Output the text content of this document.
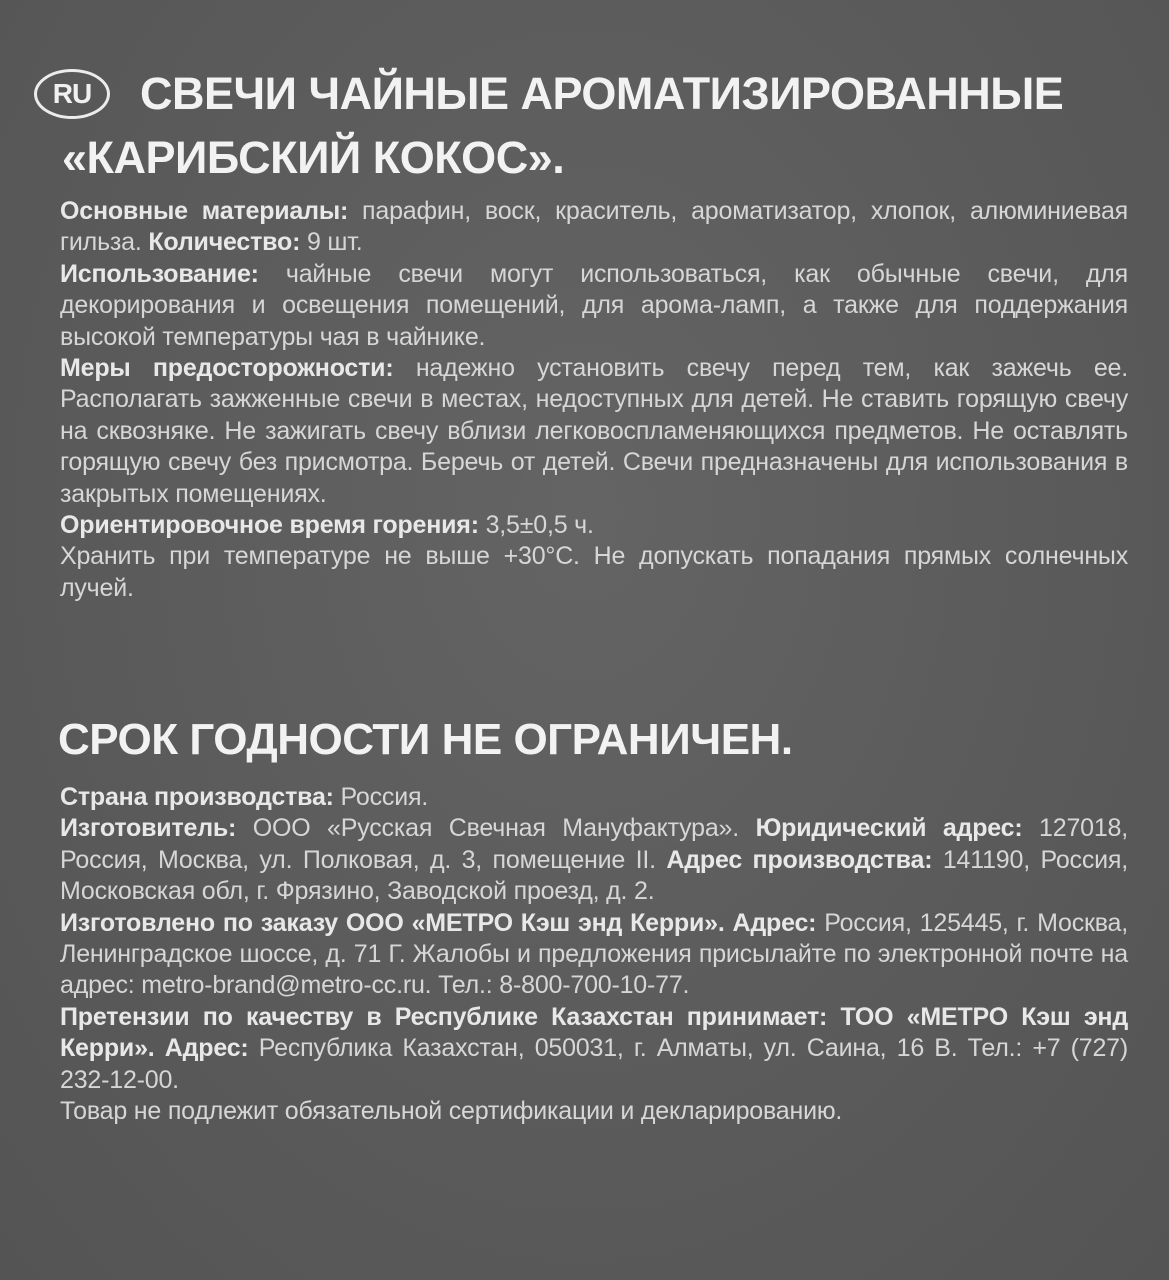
RU	СВЕЧИ ЧАЙНЫЕ АРОМАТИЗИРОВАННЫЕ
«КАРИБСКИЙ КОКОС».

Основные материалы: парафин, воск, краситель, ароматизатор, хлопок, алюминиевая гильза. Количество: 9 шт.

Использование: чайные свечи могут использоваться, как обычные свечи, для декорирования и освещения помещений, для арома-ламп, а также для поддержания высокой температуры чая в чайнике.

Меры предосторожности: надежно установить свечу перед тем, как зажечь ее. Располагать зажженные свечи в местах, недоступных для детей. Не ставить горящую свечу на сквозняке. Не зажигать свечу вблизи легковоспламеняющихся предметов. Не оставлять горящую свечу без присмотра. Беречь от детей. Свечи предназначены для использования в закрытых помещениях.

Ориентировочное время горения: 3,5±0,5 ч.

Хранить при температуре не выше +30°С. Не допускать попадания прямых солнечных лучей.

СРОК ГОДНОСТИ НЕ ОГРАНИЧЕН.

Страна производства: Россия.

Изготовитель: ООО «Русская Свечная Мануфактура». Юридический адрес: 127018, Россия, Москва, ул. Полковая, д. 3, помещение II. Адрес производства: 141190, Россия, Московская обл, г. Фрязино, Заводской проезд, д. 2.

Изготовлено по заказу ООО «МЕТРО Кэш энд Керри». Адрес: Россия, 125445, г. Москва, Ленинградское шоссе, д. 71 Г. Жалобы и предложения присылайте по электронной почте на адрес: metro-brand@metro-cc.ru. Тел.: 8-800-700-10-77.

Претензии по качеству в Республике Казахстан принимает: ТОО «МЕТРО Кэш энд Керри». Адрес: Республика Казахстан, 050031, г. Алматы, ул. Саина, 16 В. Тел.: +7 (727) 232-12-00.

Товар не подлежит обязательной сертификации и декларированию.
